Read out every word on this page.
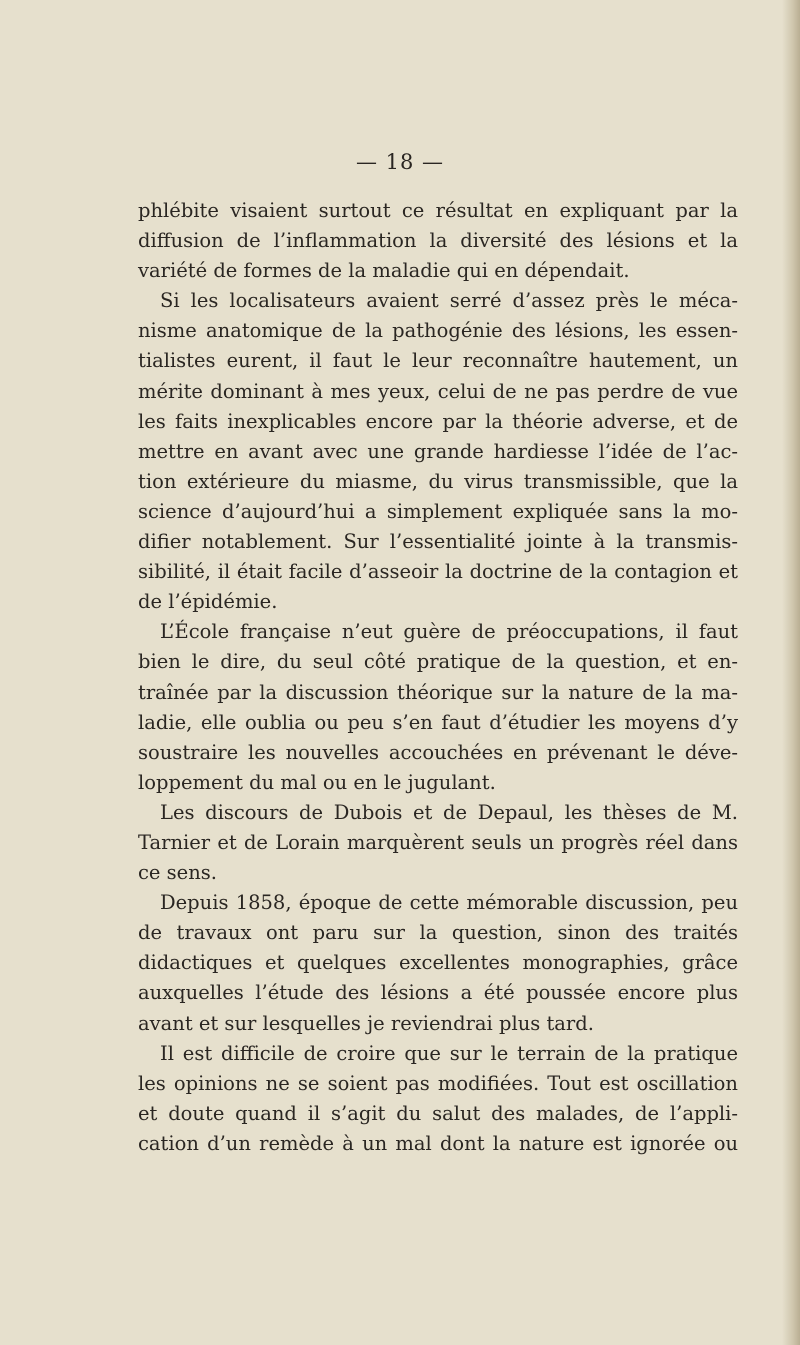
— 18 —

phlébite visaient surtout ce résultat en expliquant par la diffusion de l’inflammation la diversité des lésions et la variété de formes de la maladie qui en dépendait.

Si les localisateurs avaient serré d’assez près le méca- nisme anatomique de la pathogénie des lésions, les essen- tialistes eurent, il faut le leur reconnaître hautement, un mérite dominant à mes yeux, celui de ne pas perdre de vue les faits inexplicables encore par la théorie adverse, et de mettre en avant avec une grande hardiesse l’idée de l’ac- tion extérieure du miasme, du virus transmissible, que la science d’aujourd’hui a simplement expliquée sans la mo- difier notablement. Sur l’essentialité jointe à la transmis- sibilité, il était facile d’asseoir la doctrine de la contagion et de l’épidémie.

L’École française n’eut guère de préoccupations, il faut bien le dire, du seul côté pratique de la question, et en- traînée par la discussion théorique sur la nature de la ma- ladie, elle oublia ou peu s’en faut d’étudier les moyens d’y soustraire les nouvelles accouchées en prévenant le déve- loppement du mal ou en le jugulant.

Les discours de Dubois et de Depaul, les thèses de M. Tarnier et de Lorain marquèrent seuls un progrès réel dans ce sens.

Depuis 1858, époque de cette mémorable discussion, peu de travaux ont paru sur la question, sinon des traités didactiques et quelques excellentes monographies, grâce auxquelles l’étude des lésions a été poussée encore plus avant et sur lesquelles je reviendrai plus tard.

Il est difficile de croire que sur le terrain de la pratique les opinions ne se soient pas modifiées. Tout est oscillation et doute quand il s’agit du salut des malades, de l’appli- cation d’un remède à un mal dont la nature est ignorée ou
